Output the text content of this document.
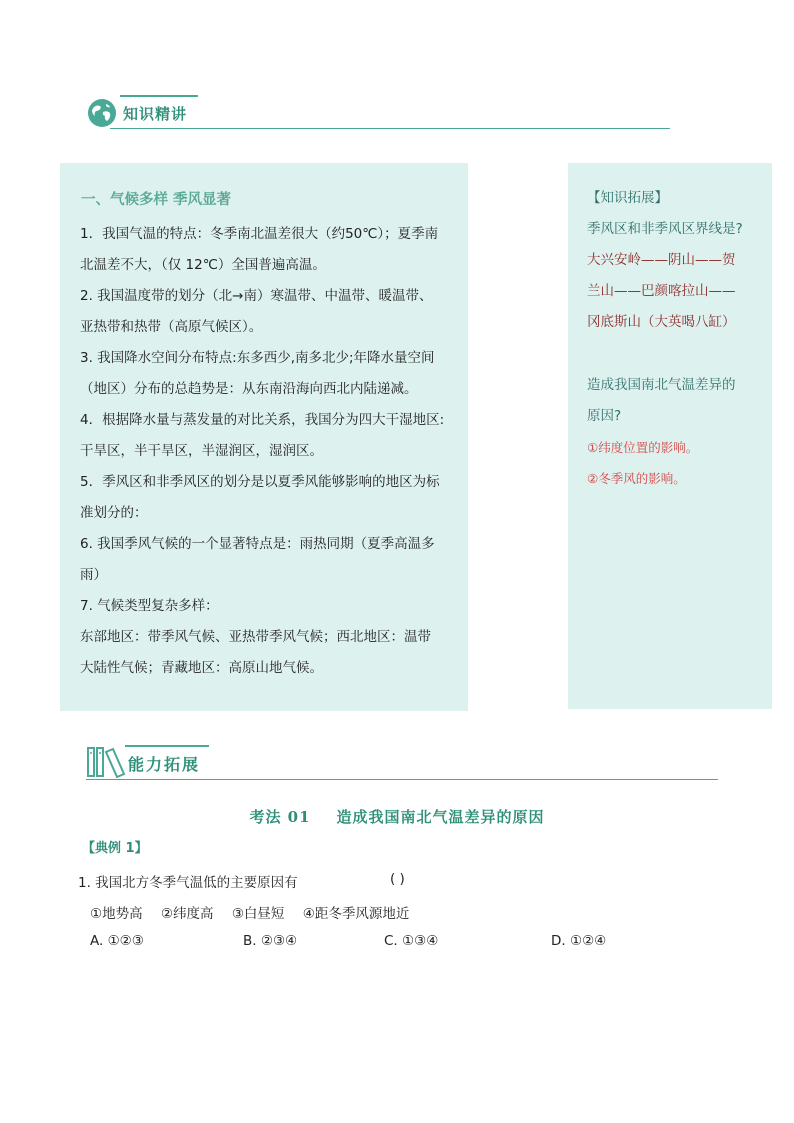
知识精讲
一、气候多样 季风显著
1．我国气温的特点：冬季南北温差很大（约50℃）；夏季南
北温差不大，（仅 12℃）全国普遍高温。
2. 我国温度带的划分（北→南）寒温带、中温带、暖温带、
亚热带和热带（高原气候区）。
3. 我国降水空间分布特点:东多西少,南多北少;年降水量空间
（地区）分布的总趋势是：从东南沿海向西北内陆递减。
4．根据降水量与蒸发量的对比关系，我国分为四大干湿地区:
干旱区，半干旱区，半湿润区，湿润区。
5．季风区和非季风区的划分是以夏季风能够影响的地区为标
准划分的：
6. 我国季风气候的一个显著特点是：雨热同期（夏季高温多
雨）
7. 气候类型复杂多样：
东部地区：带季风气候、亚热带季风气候；西北地区：温带
大陆性气候；青藏地区：高原山地气候。
【知识拓展】
季风区和非季风区界线是?
大兴安岭——阴山——贺
兰山——巴颜喀拉山——
冈底斯山（大英喝八缸）
造成我国南北气温差异的
原因?
①纬度位置的影响。
②冬季风的影响。
能力拓展
考法 01 造成我国南北气温差异的原因
【典例 1】
1. 我国北方冬季气温低的主要原因有	( )
①地势高 ②纬度高 ③白昼短 ④距冬季风源地近
A. ①②③	B. ②③④	C. ①③④	D. ①②④
